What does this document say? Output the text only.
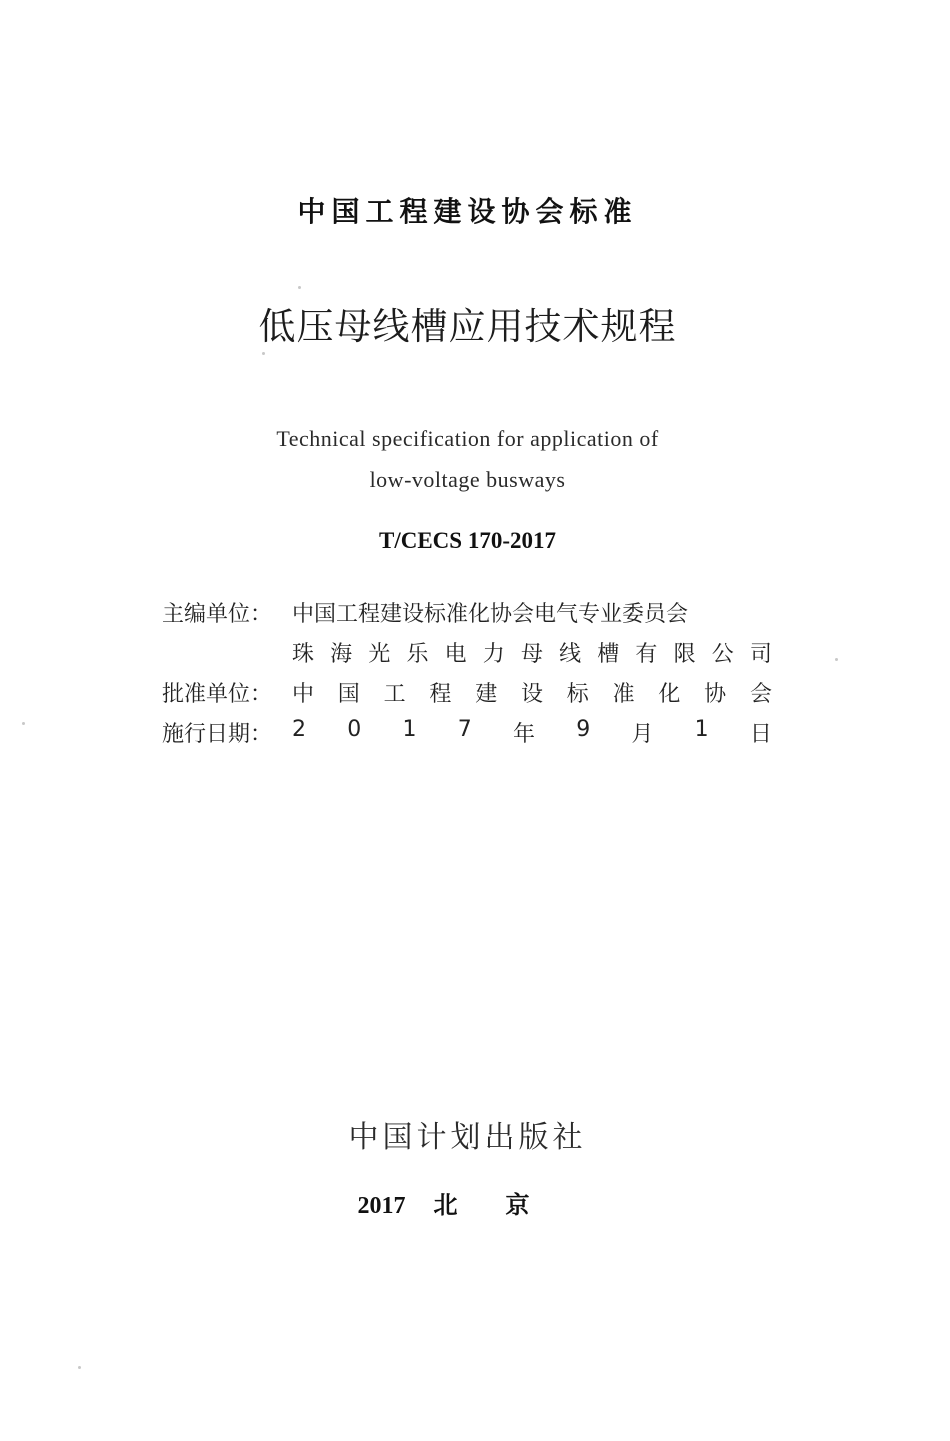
中国工程建设协会标准
低压母线槽应用技术规程
Technical specification for application of
low-voltage busways
T/CECS 170-2017
主编单位： 中国工程建设标准化协会电气专业委员会
珠 海 光 乐 电 力 母 线 槽 有 限 公 司
批准单位： 中 国 工 程 建 设 标 准 化 协 会
施行日期： 2 0 1 7 年 9 月 1 日
中国计划出版社
2017 北京
